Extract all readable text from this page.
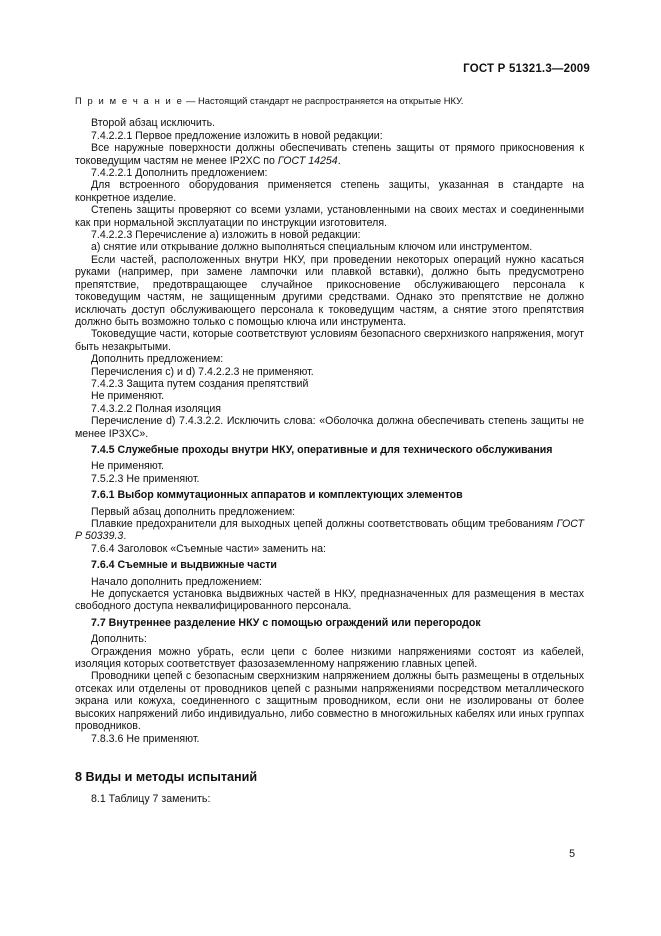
ГОСТ Р 51321.3—2009

П р и м е ч а н и е — Настоящий стандарт не распространяется на открытые НКУ.

Второй абзац исключить.

7.4.2.2.1 Первое предложение изложить в новой редакции:

Все наружные поверхности должны обеспечивать степень защиты от прямого прикосновения к токоведущим частям не менее IP2XC по ГОСТ 14254.

7.4.2.2.1 Дополнить предложением:

Для встроенного оборудования применяется степень защиты, указанная в стандарте на конкретное изделие.

Степень защиты проверяют со всеми узлами, установленными на своих местах и соединенными как при нормальной эксплуатации по инструкции изготовителя.

7.4.2.2.3 Перечисление а) изложить в новой редакции:

а) снятие или открывание должно выполняться специальным ключом или инструментом.

Если частей, расположенных внутри НКУ, при проведении некоторых операций нужно касаться руками (например, при замене лампочки или плавкой вставки), должно быть предусмотрено препятствие, предотвращающее случайное прикосновение обслуживающего персонала к токоведущим частям, не защищенным другими средствами. Однако это препятствие не должно исключать доступ обслуживающего персонала к токоведущим частям, а снятие этого препятствия должно быть возможно только с помощью ключа или инструмента.

Токоведущие части, которые соответствуют условиям безопасного сверхнизкого напряжения, могут быть незакрытыми.

Дополнить предложением:

Перечисления с) и d) 7.4.2.2.3 не применяют.

7.4.2.3 Защита путем создания препятствий

Не применяют.

7.4.3.2.2 Полная изоляция

Перечисление d) 7.4.3.2.2. Исключить слова: «Оболочка должна обеспечивать степень защиты не менее IP3XC».

7.4.5 Служебные проходы внутри НКУ, оперативные и для технического обслуживания

Не применяют.

7.5.2.3 Не применяют.

7.6.1 Выбор коммутационных аппаратов и комплектующих элементов

Первый абзац дополнить предложением:

Плавкие предохранители для выходных цепей должны соответствовать общим требованиям ГОСТ Р 50339.3.

7.6.4 Заголовок «Съемные части» заменить на:

7.6.4 Съемные и выдвижные части

Начало дополнить предложением:

Не допускается установка выдвижных частей в НКУ, предназначенных для размещения в местах свободного доступа неквалифицированного персонала.

7.7 Внутреннее разделение НКУ с помощью ограждений или перегородок

Дополнить:

Ограждения можно убрать, если цепи с более низкими напряжениями состоят из кабелей, изоляция которых соответствует фазозаземленному напряжению главных цепей.

Проводники цепей с безопасным сверхнизким напряжением должны быть размещены в отдельных отсеках или отделены от проводников цепей с разными напряжениями посредством металлического экрана или кожуха, соединенного с защитным проводником, если они не изолированы от более высоких напряжений либо индивидуально, либо совместно в многожильных кабелях или иных группах проводников.

7.8.3.6 Не применяют.

8 Виды и методы испытаний

8.1 Таблицу 7 заменить:

5
